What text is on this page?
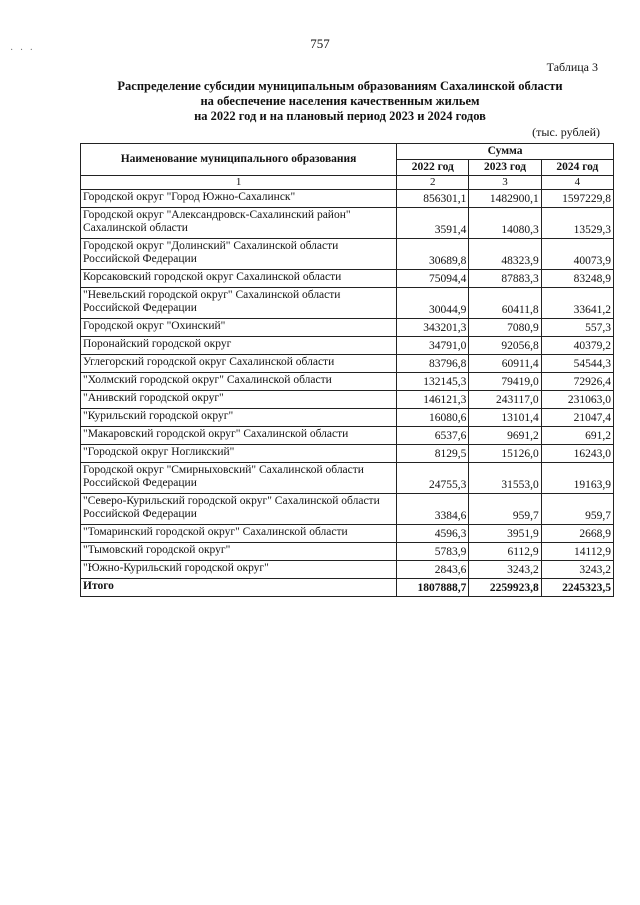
· · ·	757
Таблица 3
Распределение субсидии муниципальным образованиям Сахалинской области
на обеспечение населения качественным жильем
на 2022 год и на плановый период 2023 и 2024 годов
(тыс. рублей)
Наименование муниципального образования	Сумма		
	2022 год	2023 год	2024 год
1	2	3	4
Городской округ "Город Южно-Сахалинск"	856301,1	1482900,1	1597229,8
Городской округ "Александровск-Сахалинский район" Сахалинской области	3591,4	14080,3	13529,3
Городской округ "Долинский" Сахалинской области Российской Федерации	30689,8	48323,9	40073,9
Корсаковский городской округ Сахалинской области	75094,4	87883,3	83248,9
"Невельский городской округ" Сахалинской области Российской Федерации	30044,9	60411,8	33641,2
Городской округ "Охинский"	343201,3	7080,9	557,3
Поронайский городской округ	34791,0	92056,8	40379,2
Углегорский городской округ Сахалинской области	83796,8	60911,4	54544,3
"Холмский городской округ" Сахалинской области	132145,3	79419,0	72926,4
"Анивский городской округ"	146121,3	243117,0	231063,0
"Курильский городской округ"	16080,6	13101,4	21047,4
"Макаровский городской округ" Сахалинской области	6537,6	9691,2	691,2
"Городской округ Ногликский"	8129,5	15126,0	16243,0
Городской округ "Смирныховский" Сахалинской области Российской Федерации	24755,3	31553,0	19163,9
"Северо-Курильский городской округ" Сахалинской области Российской Федерации	3384,6	959,7	959,7
"Томаринский городской округ" Сахалинской области	4596,3	3951,9	2668,9
"Тымовский городской округ"	5783,9	6112,9	14112,9
"Южно-Курильский городской округ"	2843,6	3243,2	3243,2
Итого	1807888,7	2259923,8	2245323,5
